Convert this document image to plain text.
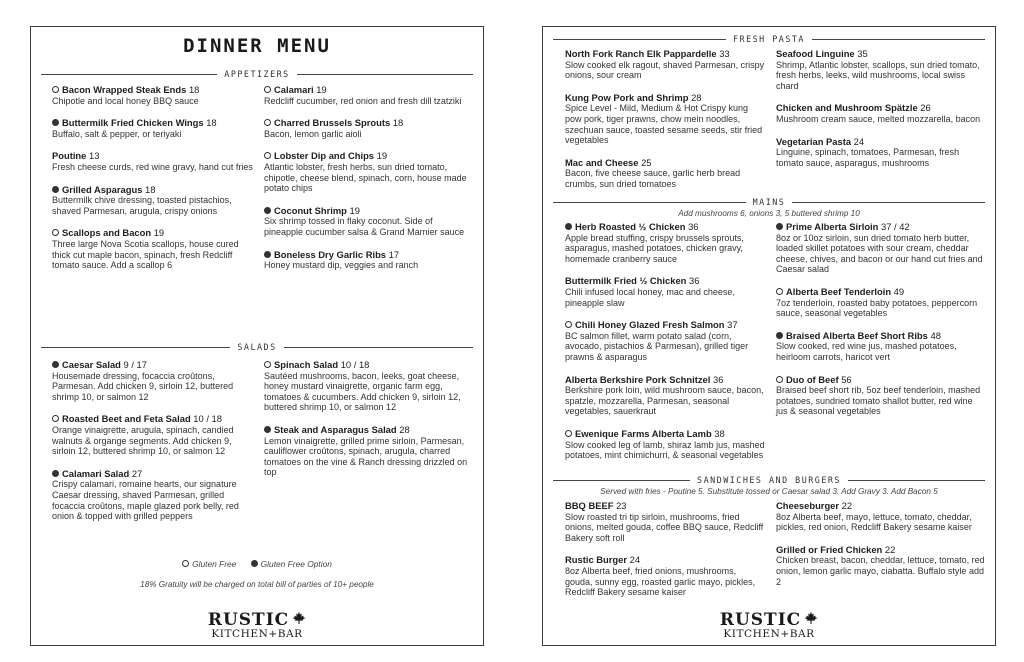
DINNER MENU
APPETIZERS
Bacon Wrapped Steak Ends 18
Chipotle and local honey BBQ sauce
Buttermilk Fried Chicken Wings 18
Buffalo, salt & pepper, or teriyaki
Poutine 13
Fresh cheese curds, red wine gravy, hand cut fries
Grilled Asparagus 18
Buttermilk chive dressing, toasted pistachios, shaved Parmesan, arugula, crispy onions
Scallops and Bacon 19
Three large Nova Scotia scallops, house cured thick cut maple bacon, spinach, fresh Redcliff tomato sauce. Add a scallop 6
Calamari 19
Redcliff cucumber, red onion and fresh dill tzatziki
Charred Brussels Sprouts 18
Bacon, lemon garlic aioli
Lobster Dip and Chips 19
Atlantic lobster, fresh herbs, sun dried tomato, chipotle, cheese blend, spinach, corn, house made potato chips
Coconut Shrimp 19
Six shrimp tossed in flaky coconut. Side of pineapple cucumber salsa & Grand Marnier sauce
Boneless Dry Garlic Ribs 17
Honey mustard dip, veggies and ranch
SALADS
Caesar Salad 9 / 17
Housemade dressing, focaccia croûtons, Parmesan. Add chicken 9, sirloin 12, buttered shrimp 10, or salmon 12
Roasted Beet and Feta Salad 10 / 18
Orange vinaigrette, arugula, spinach, candied walnuts & organge segments. Add chicken 9, sirloin 12, buttered shrimp 10, or salmon 12
Calamari Salad 27
Crispy calamari, romaine hearts, our signature Caesar dressing, shaved Parmesan, grilled focaccia croûtons, maple glazed pork belly, red onion & topped with grilled peppers
Spinach Salad 10 / 18
Sautéed mushrooms, bacon, leeks, goat cheese, honey mustard vinaigrette, organic farm egg, tomatoes & cucumbers. Add chicken 9, sirloin 12, buttered shrimp 10, or salmon 12
Steak and Asparagus Salad 28
Lemon vinaigrette, grilled prime sirloin, Parmesan, cauliflower croûtons, spinach, arugula, charred tomatoes on the vine & Ranch dressing drizzled on top
Gluten Free	Gluten Free Option
18% Gratuity will be charged on total bill of parties of 10+ people
RUSTIC
KITCHEN+BAR
FRESH PASTA
North Fork Ranch Elk Pappardelle 33
Slow cooked elk ragout, shaved Parmesan, crispy onions, sour cream
Kung Pow Pork and Shrimp 28
Spice Level - Mild, Medium & Hot Crispy kung pow pork, tiger prawns, chow mein noodles, szechuan sauce, toasted sesame seeds, stir fried vegetables
Mac and Cheese 25
Bacon, five cheese sauce, garlic herb bread crumbs, sun dried tomatoes
Seafood Linguine 35
Shrimp, Atlantic lobster, scallops, sun dried tomato, fresh herbs, leeks, wild mushrooms, local swiss chard
Chicken and Mushroom Spätzle 26
Mushroom cream sauce, melted mozzarella, bacon
Vegetarian Pasta 24
Linguine, spinach, tomatoes, Parmesan, fresh tomato sauce, asparagus, mushrooms
MAINS
Add mushrooms 6, onions 3, 5 buttered shrimp 10
Herb Roasted ½ Chicken 36
Apple bread stuffing, crispy brussels sprouts, asparagus, mashed potatoes, chicken gravy, homemade cranberry sauce
Buttermilk Fried ½ Chicken 36
Chili infused local honey, mac and cheese, pineapple slaw
Chili Honey Glazed Fresh Salmon 37
BC salmon fillet, warm potato salad (corn, avocado, pistachios & Parmesan), grilled tiger prawns & asparagus
Alberta Berkshire Pork Schnitzel 36
Berkshire pork loin, wild mushroom sauce, bacon, spatzle, mozzarella, Parmesan, seasonal vegetables, sauerkraut
Ewenique Farms Alberta Lamb 38
Slow cooked leg of lamb, shiraz lamb jus, mashed potatoes, mint chimichurri, & seasonal vegetables
Prime Alberta Sirloin 37 / 42
8oz or 10oz sirloin, sun dried tomato herb butter, loaded skillet potatoes with sour cream, cheddar cheese, chives, and bacon or our hand cut fries and Caesar salad
Alberta Beef Tenderloin 49
7oz tenderloin, roasted baby potatoes, peppercorn sauce, seasonal vegetables
Braised Alberta Beef Short Ribs 48
Slow cooked, red wine jus, mashed potatoes, heirloom carrots, haricot vert
Duo of Beef 56
Braised beef short rib, 5oz beef tenderloin, mashed potatoes, sundried tomato shallot butter, red wine jus & seasonal vegetables
SANDWICHES AND BURGERS
Served with fries - Poutine 5. Substitute tossed or Caesar salad 3. Add Gravy 3. Add Bacon 5
BBQ BEEF 23
Slow roasted tri tip sirloin, mushrooms, fried onions, melted gouda, coffee BBQ sauce, Redcliff Bakery soft roll
Rustic Burger 24
8oz Alberta beef, fried onions, mushrooms, gouda, sunny egg, roasted garlic mayo, pickles, Redcliff Bakery sesame kaiser
Cheeseburger 22
8oz Alberta beef, mayo, lettuce, tomato, cheddar, pickles, red onion, Redcliff Bakery sesame kaiser
Grilled or Fried Chicken 22
Chicken breast, bacon, cheddar, lettuce, tomato, red onion, lemon garlic mayo, ciabatta. Buffalo style add 2
RUSTIC
KITCHEN+BAR
